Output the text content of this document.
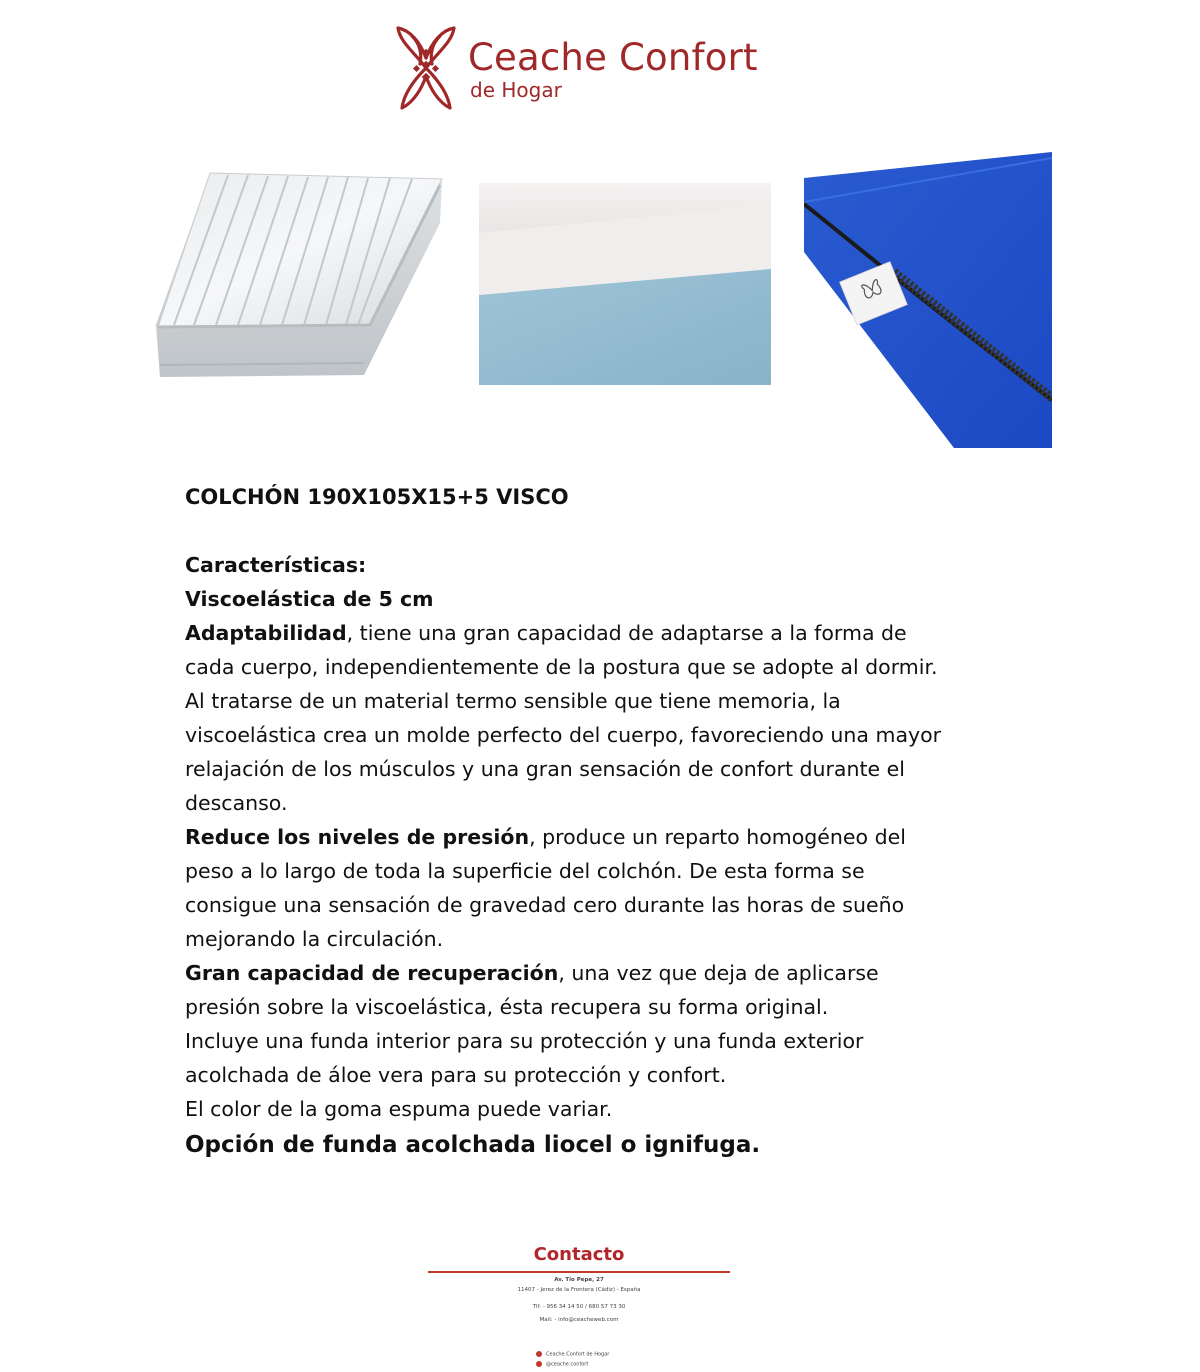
Ceache Confort
de Hogar
COLCHÓN 190X105X15+5 VISCO

Características:

Viscoelástica de 5 cm

Adaptabilidad, tiene una gran capacidad de adaptarse a la forma de cada cuerpo, independientemente de la postura que se adopte al dormir. Al tratarse de un material termo sensible que tiene memoria, la viscoelástica crea un molde perfecto del cuerpo, favoreciendo una mayor relajación de los músculos y una gran sensación de confort durante el descanso.

Reduce los niveles de presión, produce un reparto homogéneo del peso a lo largo de toda la superficie del colchón. De esta forma se consigue una sensación de gravedad cero durante las horas de sueño mejorando la circulación.

Gran capacidad de recuperación, una vez que deja de aplicarse presión sobre la viscoelástica, ésta recupera su forma original.

Incluye una funda interior para su protección y una funda exterior acolchada de áloe vera para su protección y confort.

El color de la goma espuma puede variar.

Opción de funda acolchada liocel o ignifuga.

Contacto
Av. Tío Pepe, 27
11407 - Jerez de la Frontera (Cádiz) - España
Tlf: - 956 34 14 50 / 680 57 73 30
Mail: - info@ceacheweb.com
Ceache Confort de Hogar
@ceache.confort
